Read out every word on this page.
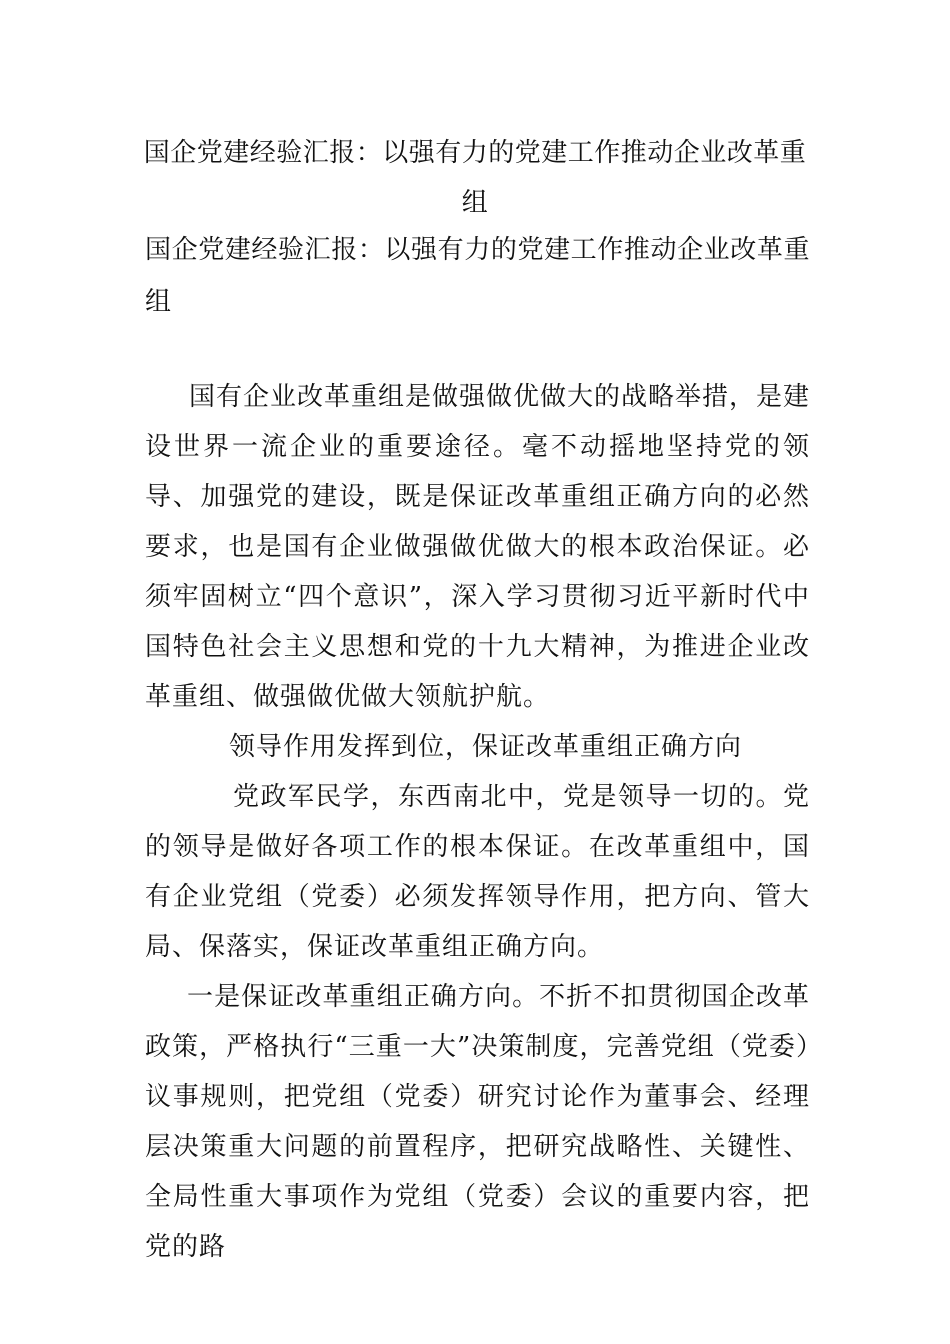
国企党建经验汇报：以强有力的党建工作推动企业改革重组
国企党建经验汇报：以强有力的党建工作推动企业改革重组

国有企业改革重组是做强做优做大的战略举措，是建设世界一流企业的重要途径。毫不动摇地坚持党的领导、加强党的建设，既是保证改革重组正确方向的必然要求，也是国有企业做强做优做大的根本政治保证。必须牢固树立“四个意识”，深入学习贯彻习近平新时代中国特色社会主义思想和党的十九大精神，为推进企业改革重组、做强做优做大领航护航。

领导作用发挥到位，保证改革重组正确方向

党政军民学，东西南北中，党是领导一切的。党的领导是做好各项工作的根本保证。在改革重组中，国有企业党组（党委）必须发挥领导作用，把方向、管大局、保落实，保证改革重组正确方向。

一是保证改革重组正确方向。不折不扣贯彻国企改革政策，严格执行“三重一大”决策制度，完善党组（党委）议事规则，把党组（党委）研究讨论作为董事会、经理层决策重大问题的前置程序，把研究战略性、关键性、全局性重大事项作为党组（党委）会议的重要内容，把党的路
